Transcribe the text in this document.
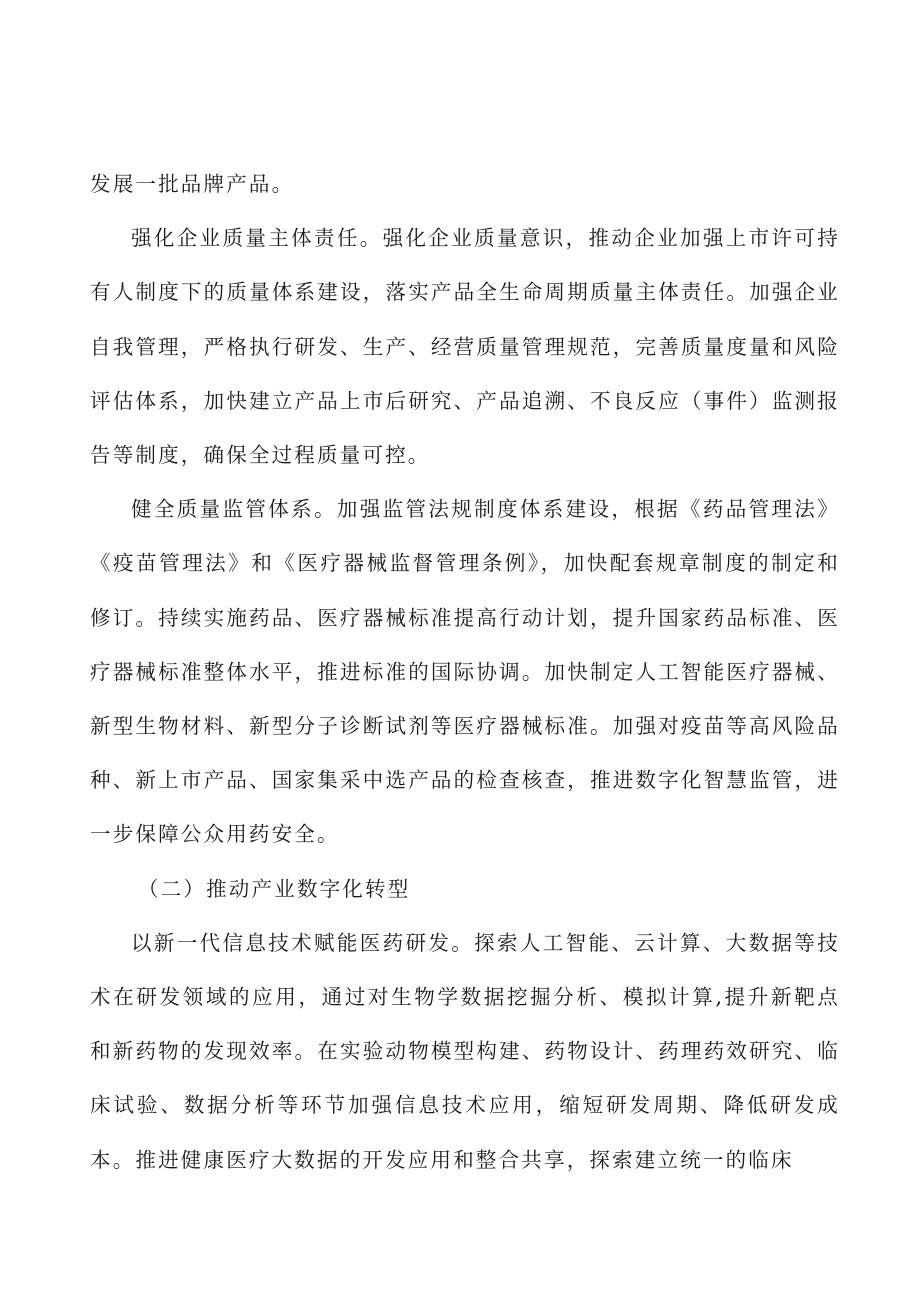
发展一批品牌产品。

强化企业质量主体责任。强化企业质量意识，推动企业加强上市许可持有人制度下的质量体系建设，落实产品全生命周期质量主体责任。加强企业自我管理，严格执行研发、生产、经营质量管理规范，完善质量度量和风险评估体系，加快建立产品上市后研究、产品追溯、不良反应（事件）监测报告等制度，确保全过程质量可控。

健全质量监管体系。加强监管法规制度体系建设，根据《药品管理法》《疫苗管理法》和《医疗器械监督管理条例》，加快配套规章制度的制定和修订。持续实施药品、医疗器械标准提高行动计划，提升国家药品标准、医疗器械标准整体水平，推进标准的国际协调。加快制定人工智能医疗器械、新型生物材料、新型分子诊断试剂等医疗器械标准。加强对疫苗等高风险品种、新上市产品、国家集采中选产品的检查核查，推进数字化智慧监管，进一步保障公众用药安全。

（二）推动产业数字化转型

以新一代信息技术赋能医药研发。探索人工智能、云计算、大数据等技术在研发领域的应用，通过对生物学数据挖掘分析、模拟计算,提升新靶点和新药物的发现效率。在实验动物模型构建、药物设计、药理药效研究、临床试验、数据分析等环节加强信息技术应用，缩短研发周期、降低研发成本。推进健康医疗大数据的开发应用和整合共享，探索建立统一的临床
